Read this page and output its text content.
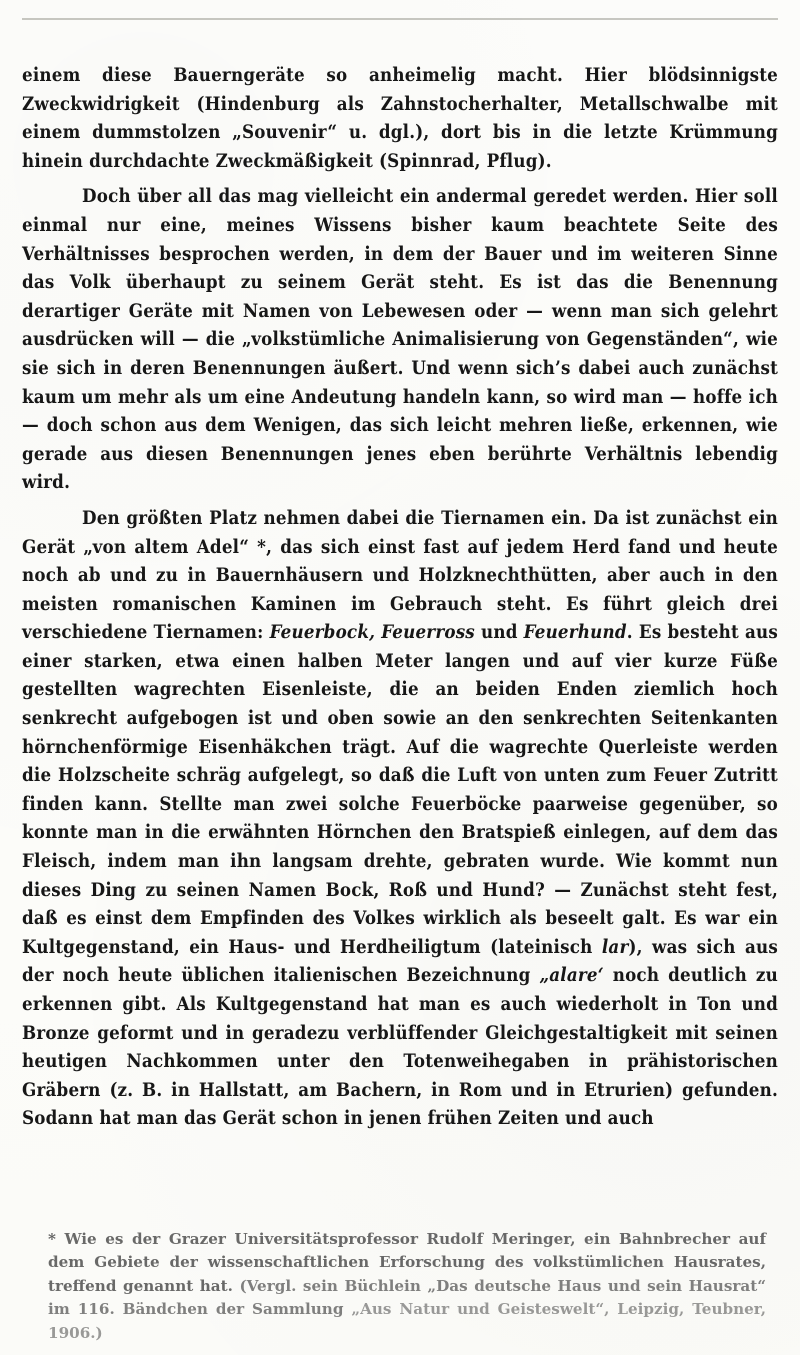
einem diese Bauerngeräte so anheimelig macht. Hier blödsinnigste Zweckwidrigkeit (Hindenburg als Zahnstocherhalter, Metallschwalbe mit einem dummstolzen „Souvenir“ u. dgl.), dort bis in die letzte Krümmung hinein durchdachte Zweckmäßigkeit (Spinnrad, Pflug).

Doch über all das mag vielleicht ein andermal geredet werden. Hier soll einmal nur eine, meines Wissens bisher kaum beachtete Seite des Verhältnisses besprochen werden, in dem der Bauer und im weiteren Sinne das Volk überhaupt zu seinem Gerät steht. Es ist das die Benennung derartiger Geräte mit Namen von Lebewesen oder — wenn man sich gelehrt ausdrücken will — die „volkstümliche Animalisierung von Gegenständen“, wie sie sich in deren Benennungen äußert. Und wenn sich’s dabei auch zunächst kaum um mehr als um eine Andeutung handeln kann, so wird man — hoffe ich — doch schon aus dem Wenigen, das sich leicht mehren ließe, erkennen, wie gerade aus diesen Benennungen jenes eben berührte Verhältnis lebendig wird.

Den größten Platz nehmen dabei die Tiernamen ein. Da ist zunächst ein Gerät „von altem Adel“ *, das sich einst fast auf jedem Herd fand und heute noch ab und zu in Bauernhäusern und Holzknechthütten, aber auch in den meisten romanischen Kaminen im Gebrauch steht. Es führt gleich drei verschiedene Tiernamen: Feuerbock, Feuerross und Feuerhund. Es besteht aus einer starken, etwa einen halben Meter langen und auf vier kurze Füße gestellten wagrechten Eisenleiste, die an beiden Enden ziemlich hoch senkrecht aufgebogen ist und oben sowie an den senkrechten Seitenkanten hörnchenförmige Eisenhäkchen trägt. Auf die wagrechte Querleiste werden die Holzscheite schräg aufgelegt, so daß die Luft von unten zum Feuer Zutritt finden kann. Stellte man zwei solche Feuerböcke paarweise gegenüber, so konnte man in die erwähnten Hörnchen den Bratspieß einlegen, auf dem das Fleisch, indem man ihn langsam drehte, gebraten wurde. Wie kommt nun dieses Ding zu seinen Namen Bock, Roß und Hund? — Zunächst steht fest, daß es einst dem Empfinden des Volkes wirklich als beseelt galt. Es war ein Kultgegenstand, ein Haus- und Herdheiligtum (lateinisch lar), was sich aus der noch heute üblichen italienischen Bezeichnung „alare‘ noch deutlich zu erkennen gibt. Als Kultgegenstand hat man es auch wiederholt in Ton und Bronze geformt und in geradezu verblüffender Gleichgestaltigkeit mit seinen heutigen Nachkommen unter den Totenweihegaben in prähistorischen Gräbern (z. B. in Hallstatt, am Bachern, in Rom und in Etrurien) gefunden. Sodann hat man das Gerät schon in jenen frühen Zeiten und auch

* Wie es der Grazer Universitätsprofessor Rudolf Meringer, ein Bahnbrecher auf dem Gebiete der wissenschaftlichen Erforschung des volkstümlichen Hausrates, treffend genannt hat. (Vergl. sein Büchlein „Das deutsche Haus und sein Hausrat“ im 116. Bändchen der Sammlung „Aus Natur und Geisteswelt“, Leipzig, Teubner, 1906.)
